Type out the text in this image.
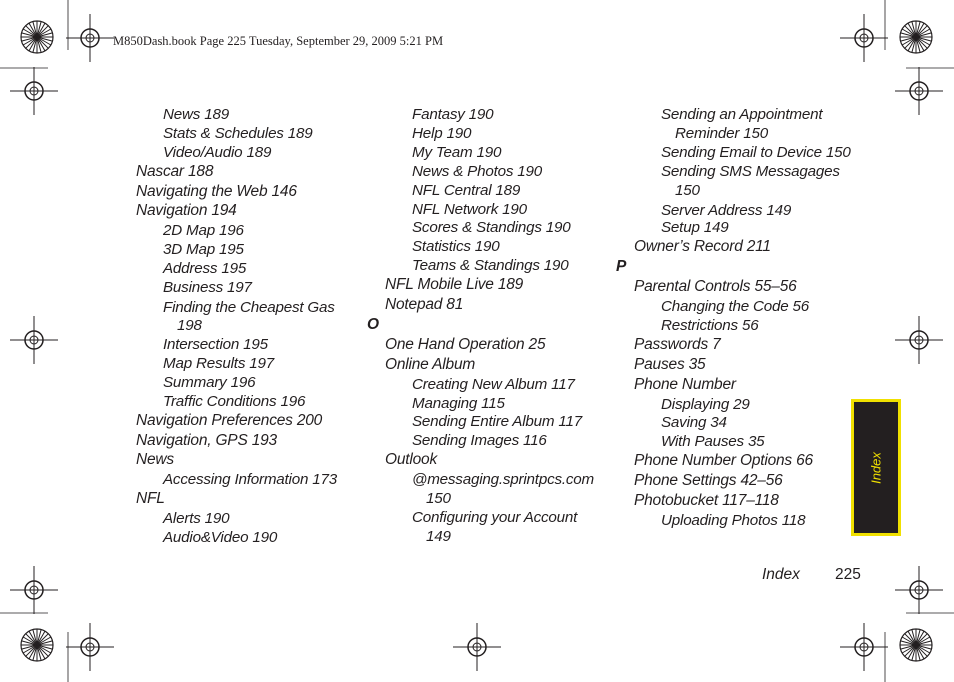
M850Dash.book Page 225 Tuesday, September 29, 2009 5:21 PM
News 189
Stats & Schedules 189
Video/Audio 189
Nascar 188
Navigating the Web 146
Navigation 194
2D Map 196
3D Map 195
Address 195
Business 197
Finding the Cheapest Gas
198
Intersection 195
Map Results 197
Summary 196
Traffic Conditions 196
Navigation Preferences 200
Navigation, GPS 193
News
Accessing Information 173
NFL
Alerts 190
Audio&Video 190
Fantasy 190
Help 190
My Team 190
News & Photos 190
NFL Central 189
NFL Network 190
Scores & Standings 190
Statistics 190
Teams & Standings 190
NFL Mobile Live 189
Notepad 81
O
One Hand Operation 25
Online Album
Creating New Album 117
Managing 115
Sending Entire Album 117
Sending Images 116
Outlook
@messaging.sprintpcs.com
150
Configuring your Account
149
Sending an Appointment
Reminder 150
Sending Email to Device 150
Sending SMS Messagages
150
Server Address 149
Setup 149
Owner’s Record 211
P
Parental Controls 55–56
Changing the Code 56
Restrictions 56
Passwords 7
Pauses 35
Phone Number
Displaying 29
Saving 34
With Pauses 35
Phone Number Options 66
Phone Settings 42–56
Photobucket 117–118
Uploading Photos 118
Index 225
Index
